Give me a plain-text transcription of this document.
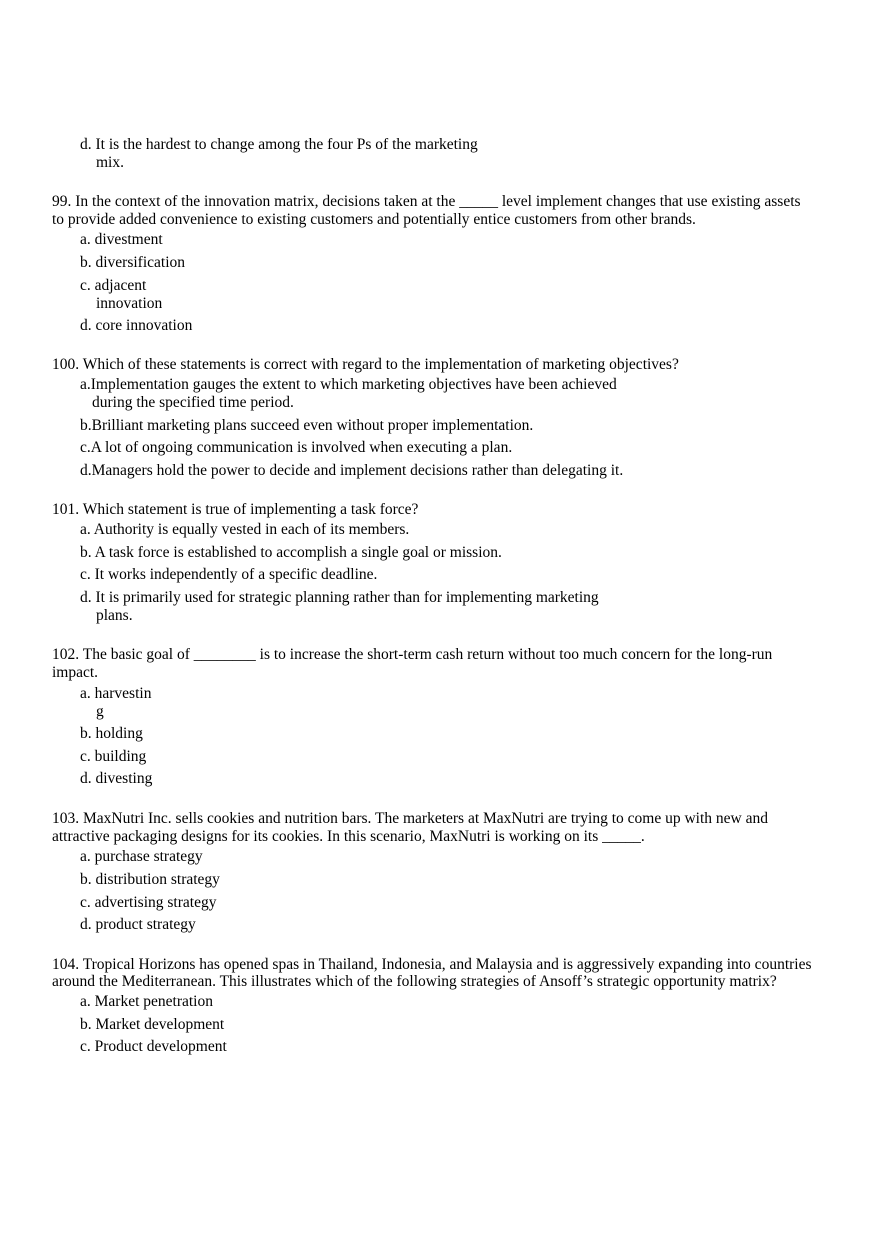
d. It is the hardest to change among the four Ps of the marketing
mix.
99. In the context of the innovation matrix, decisions taken at the _____ level implement changes that use existing assets
to provide added convenience to existing customers and potentially entice customers from other brands.
a. divestment
b. diversification
c. adjacent
innovation
d. core innovation
100. Which of these statements is correct with regard to the implementation of marketing objectives?
a.Implementation gauges the extent to which marketing objectives have been achieved
during the specified time period.
b.Brilliant marketing plans succeed even without proper implementation.
c.A lot of ongoing communication is involved when executing a plan.
d.Managers hold the power to decide and implement decisions rather than delegating it.
101. Which statement is true of implementing a task force?
a. Authority is equally vested in each of its members.
b. A task force is established to accomplish a single goal or mission.
c. It works independently of a specific deadline.
d. It is primarily used for strategic planning rather than for implementing marketing
plans.
102. The basic goal of ________ is to increase the short-term cash return without too much concern for the long-run
impact.
a. harvestin
g
b. holding
c. building
d. divesting
103. MaxNutri Inc. sells cookies and nutrition bars. The marketers at MaxNutri are trying to come up with new and
attractive packaging designs for its cookies. In this scenario, MaxNutri is working on its _____.
a. purchase strategy
b. distribution strategy
c. advertising strategy
d. product strategy
104. Tropical Horizons has opened spas in Thailand, Indonesia, and Malaysia and is aggressively expanding into countries
around the Mediterranean. This illustrates which of the following strategies of Ansoff’s strategic opportunity matrix?
a. Market penetration
b. Market development
c. Product development
